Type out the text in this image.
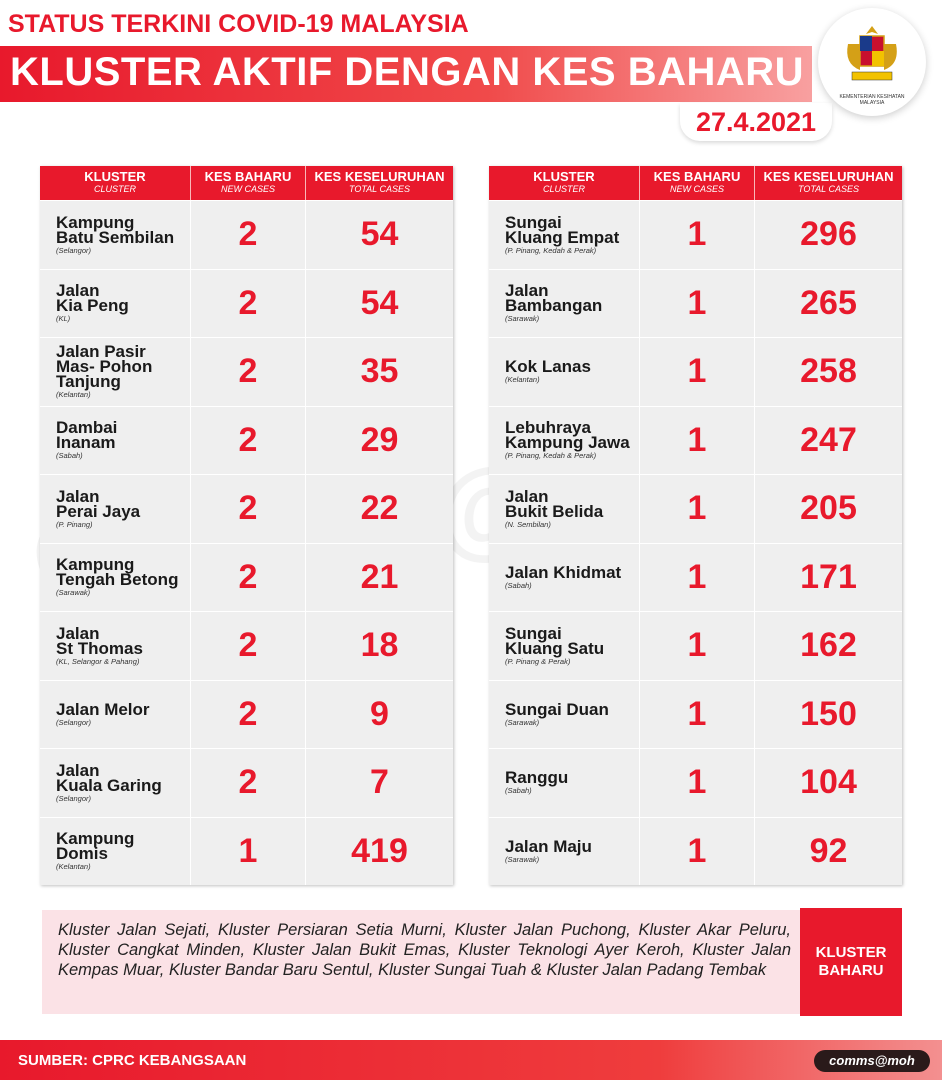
STATUS TERKINI COVID-19 MALAYSIA
KLUSTER AKTIF DENGAN KES BAHARU
27.4.2021
KEMENTERIAN KESIHATAN MALAYSIA
KLUSTER
CLUSTER
KES BAHARU
NEW CASES
KES KESELURUHAN
TOTAL CASES
Kampung
Batu Sembilan
(Selangor)	2	54
Jalan
Kia Peng
(KL)	2	54
Jalan Pasir
Mas- Pohon
Tanjung
(Kelantan)
2	35
Dambai
Inanam
(Sabah)	2	29
Jalan
Perai Jaya
(P. Pinang)	2	22
Kampung
Tengah Betong
(Sarawak)	2	21
Jalan
St Thomas
(KL, Selangor & Pahang)	2	18
Jalan Melor
(Selangor)	2	9
Jalan
Kuala Garing
(Selangor)	2	7
Kampung
Domis
(Kelantan)	1	419
KLUSTER
CLUSTER
KES BAHARU
NEW CASES
KES KESELURUHAN
TOTAL CASES
Sungai
Kluang Empat
(P. Pinang, Kedah & Perak)	1	296
Jalan
Bambangan
(Sarawak)	1	265
Kok Lanas
(Kelantan)	1	258
Lebuhraya
Kampung Jawa
(P. Pinang, Kedah & Perak)	1	247
Jalan
Bukit Belida
(N. Sembilan)	1	205
Jalan Khidmat
(Sabah)	1	171
Sungai
Kluang Satu
(P. Pinang & Perak)	1	162
Sungai Duan
(Sarawak)	1	150
Ranggu
(Sabah)	1	104
Jalan Maju
(Sarawak)	1	92
Kluster Jalan Sejati, Kluster Persiaran Setia Murni, Kluster Jalan Puchong, Kluster Akar Peluru, Kluster Cangkat Minden, Kluster Jalan Bukit Emas, Kluster Teknologi Ayer Keroh, Kluster Jalan Kempas Muar, Kluster Bandar Baru Sentul, Kluster Sungai Tuah & Kluster Jalan Padang Tembak
KLUSTER
BAHARU
SUMBER: CPRC KEBANGSAAN	comms@moh
